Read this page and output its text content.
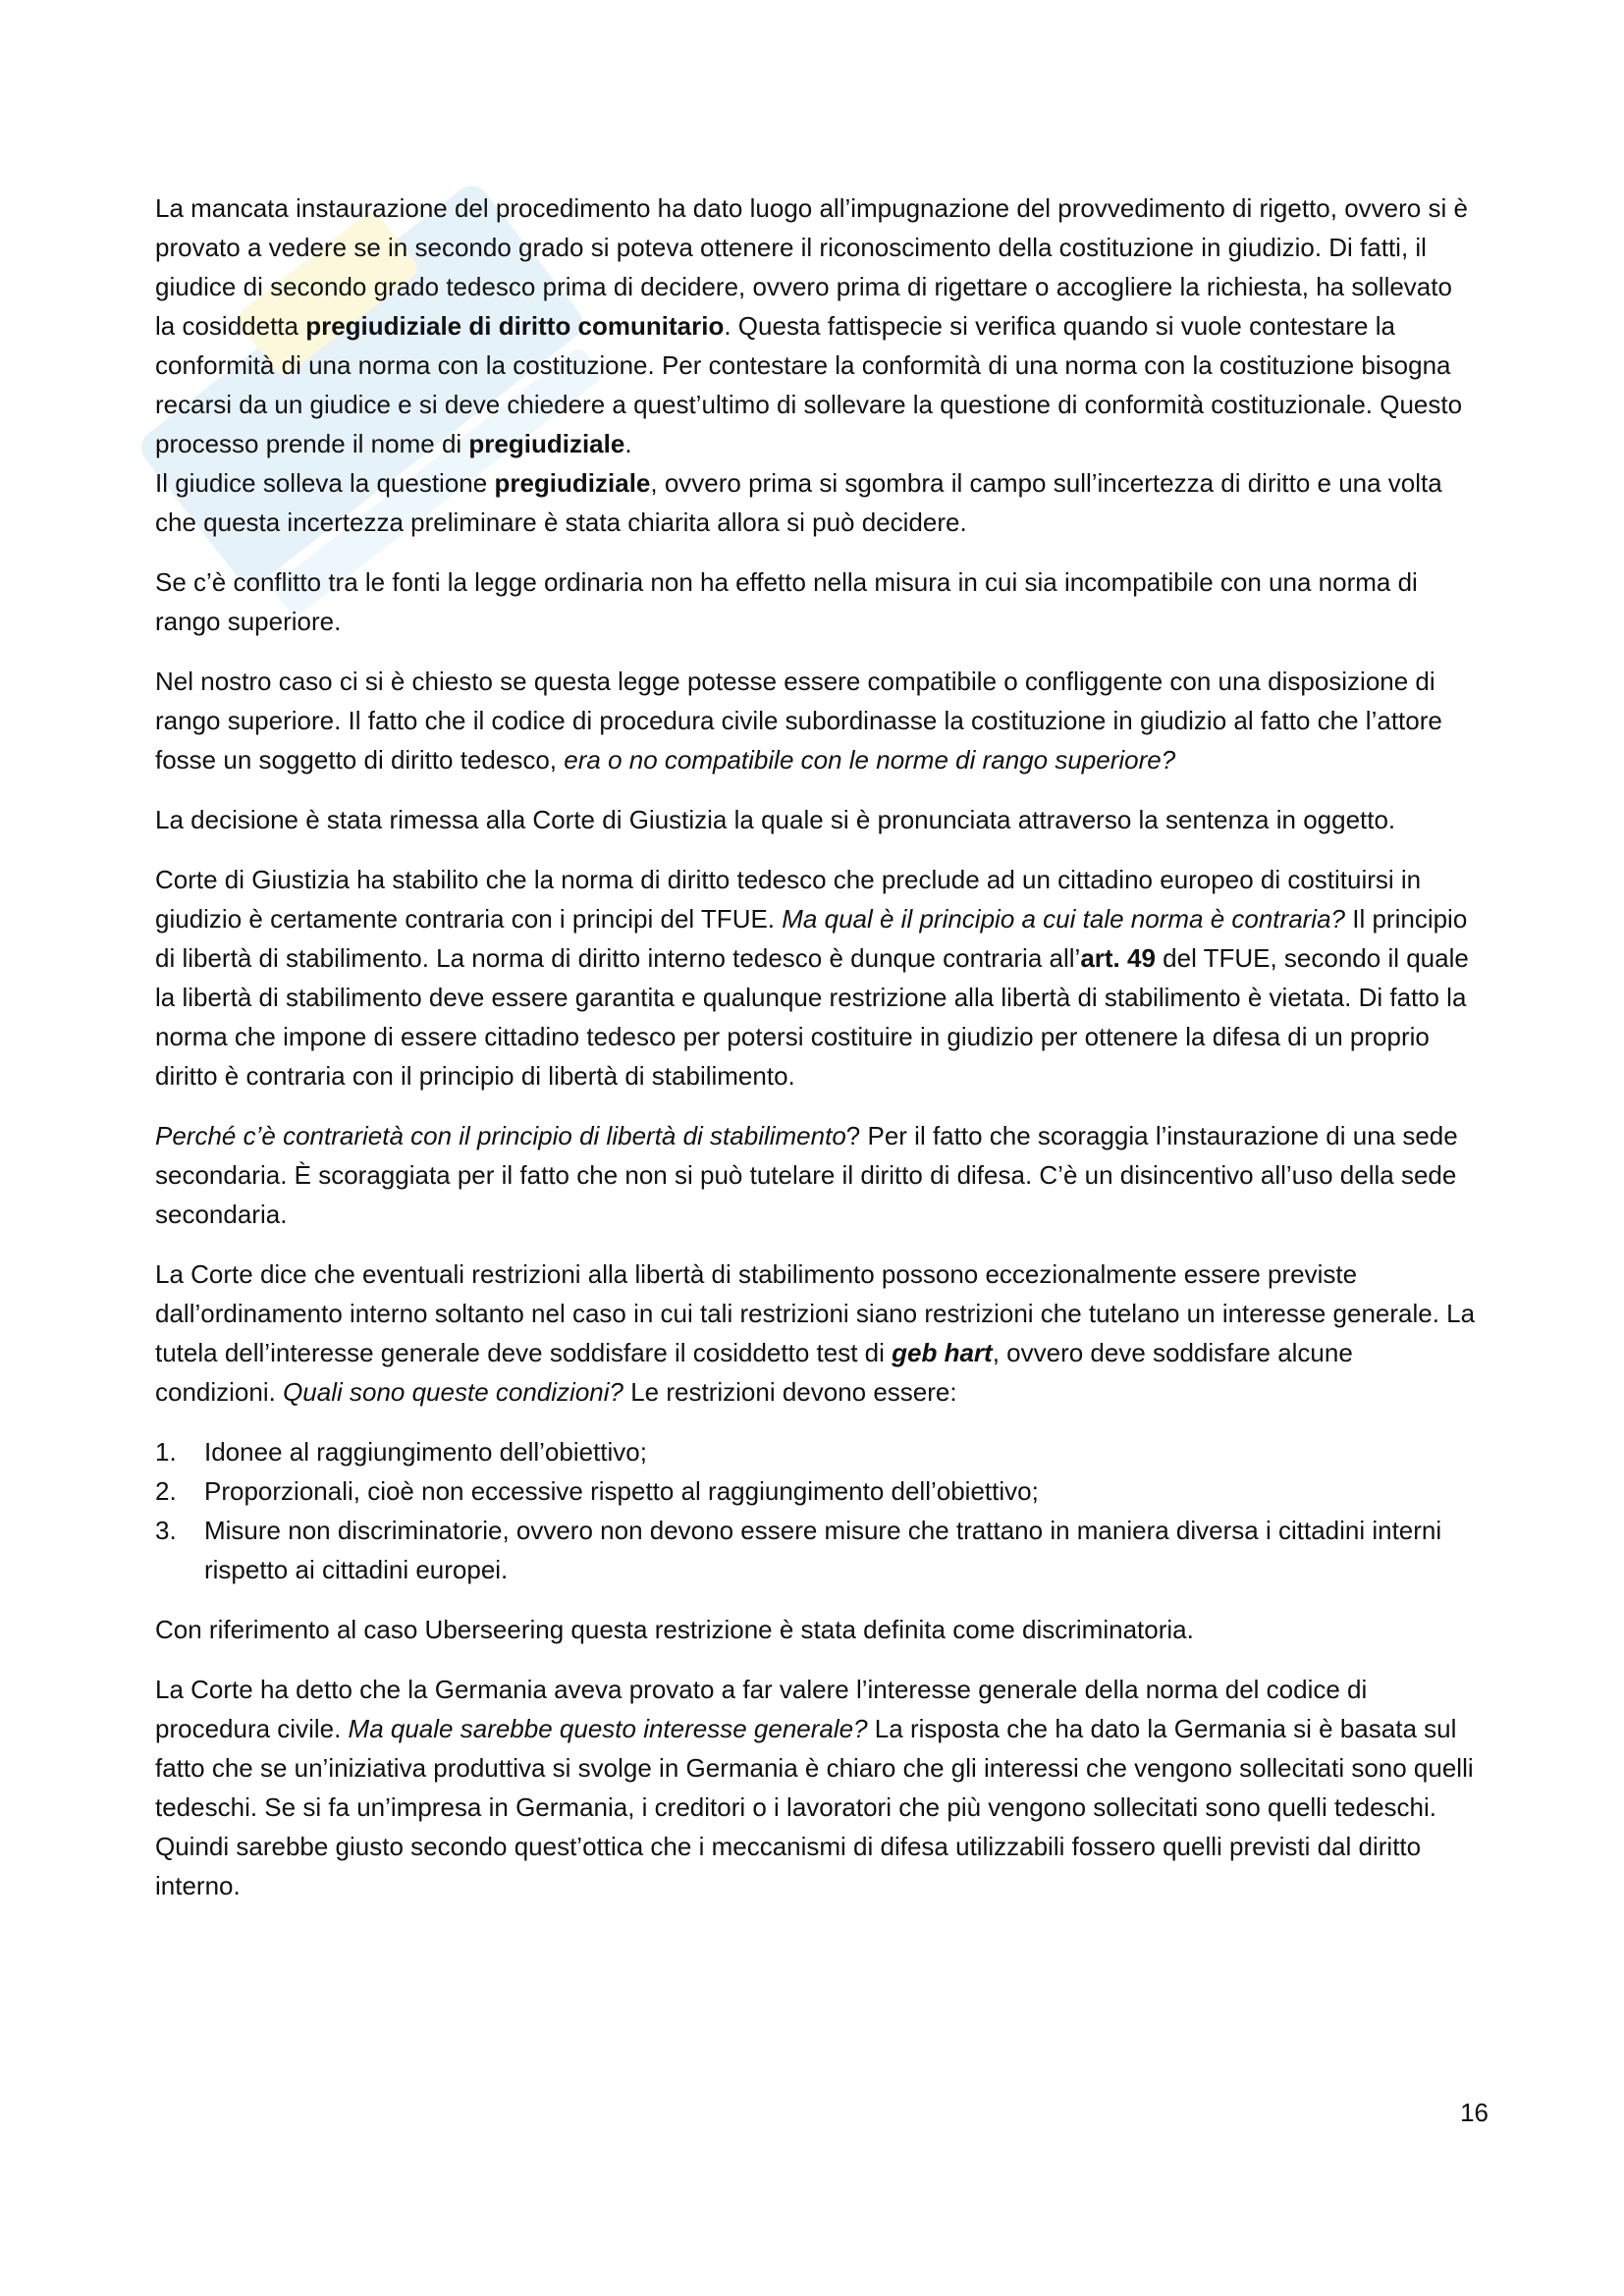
La mancata instaurazione del procedimento ha dato luogo all’impugnazione del provvedimento di rigetto, ovvero si è provato a vedere se in secondo grado si poteva ottenere il riconoscimento della costituzione in giudizio. Di fatti, il giudice di secondo grado tedesco prima di decidere, ovvero prima di rigettare o accogliere la richiesta, ha sollevato la cosiddetta pregiudiziale di diritto comunitario. Questa fattispecie si verifica quando si vuole contestare la conformità di una norma con la costituzione. Per contestare la conformità di una norma con la costituzione bisogna recarsi da un giudice e si deve chiedere a quest’ultimo di sollevare la questione di conformità costituzionale. Questo processo prende il nome di pregiudiziale.
Il giudice solleva la questione pregiudiziale, ovvero prima si sgombra il campo sull’incertezza di diritto e una volta che questa incertezza preliminare è stata chiarita allora si può decidere.

Se c’è conflitto tra le fonti la legge ordinaria non ha effetto nella misura in cui sia incompatibile con una norma di rango superiore.

Nel nostro caso ci si è chiesto se questa legge potesse essere compatibile o confliggente con una disposizione di rango superiore. Il fatto che il codice di procedura civile subordinasse la costituzione in giudizio al fatto che l’attore fosse un soggetto di diritto tedesco, era o no compatibile con le norme di rango superiore?

La decisione è stata rimessa alla Corte di Giustizia la quale si è pronunciata attraverso la sentenza in oggetto.

Corte di Giustizia ha stabilito che la norma di diritto tedesco che preclude ad un cittadino europeo di costituirsi in giudizio è certamente contraria con i principi del TFUE. Ma qual è il principio a cui tale norma è contraria? Il principio di libertà di stabilimento. La norma di diritto interno tedesco è dunque contraria all’art. 49 del TFUE, secondo il quale la libertà di stabilimento deve essere garantita e qualunque restrizione alla libertà di stabilimento è vietata. Di fatto la norma che impone di essere cittadino tedesco per potersi costituire in giudizio per ottenere la difesa di un proprio diritto è contraria con il principio di libertà di stabilimento.

Perché c’è contrarietà con il principio di libertà di stabilimento? Per il fatto che scoraggia l’instaurazione di una sede secondaria. È scoraggiata per il fatto che non si può tutelare il diritto di difesa. C’è un disincentivo all’uso della sede secondaria.

La Corte dice che eventuali restrizioni alla libertà di stabilimento possono eccezionalmente essere previste dall’ordinamento interno soltanto nel caso in cui tali restrizioni siano restrizioni che tutelano un interesse generale. La tutela dell’interesse generale deve soddisfare il cosiddetto test di geb hart, ovvero deve soddisfare alcune condizioni. Quali sono queste condizioni? Le restrizioni devono essere:

1. Idonee al raggiungimento dell’obiettivo;
2. Proporzionali, cioè non eccessive rispetto al raggiungimento dell’obiettivo;
3. Misure non discriminatorie, ovvero non devono essere misure che trattano in maniera diversa i cittadini interni rispetto ai cittadini europei.

Con riferimento al caso Uberseering questa restrizione è stata definita come discriminatoria.

La Corte ha detto che la Germania aveva provato a far valere l’interesse generale della norma del codice di procedura civile. Ma quale sarebbe questo interesse generale? La risposta che ha dato la Germania si è basata sul fatto che se un’iniziativa produttiva si svolge in Germania è chiaro che gli interessi che vengono sollecitati sono quelli tedeschi. Se si fa un’impresa in Germania, i creditori o i lavoratori che più vengono sollecitati sono quelli tedeschi. Quindi sarebbe giusto secondo quest’ottica che i meccanismi di difesa utilizzabili fossero quelli previsti dal diritto interno.

16
